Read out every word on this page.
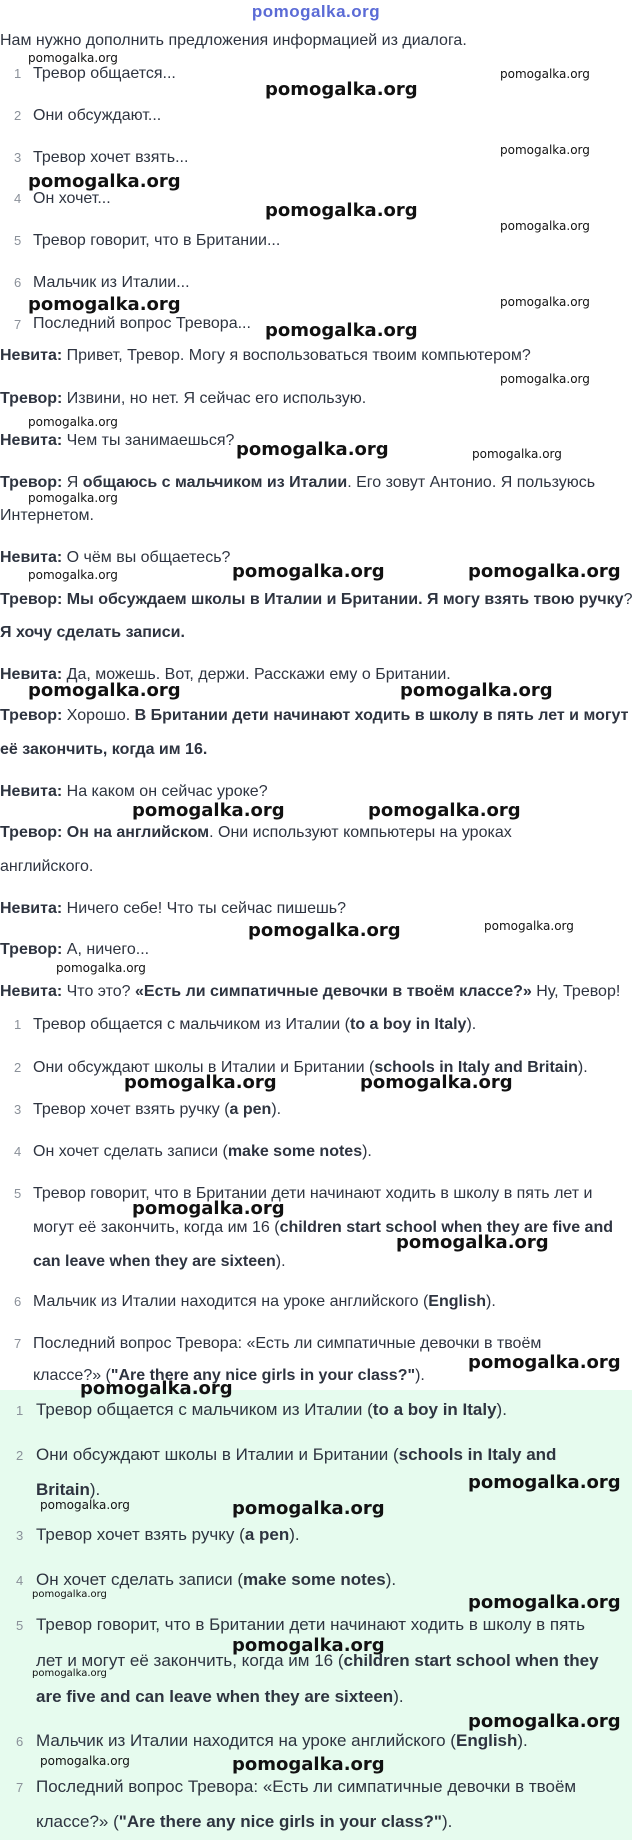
pomogalka.org
Нам нужно дополнить предложения информацией из диалога.
1 Тревор общается...
2 Они обсуждают...
3 Тревор хочет взять...
4 Он хочет...
5 Тревор говорит, что в Британии...
6 Мальчик из Италии...
7 Последний вопрос Тревора...
Невита: Привет, Тревор. Могу я воспользоваться твоим компьютером?
Тревор: Извини, но нет. Я сейчас его использую.
Невита: Чем ты занимаешься?
Тревор: Я общаюсь с мальчиком из Италии. Его зовут Антонио. Я пользуюсь
Интернетом.
Невита: О чём вы общаетесь?
Тревор: Мы обсуждаем школы в Италии и Британии. Я могу взять твою ручку?
Я хочу сделать записи.
Невита: Да, можешь. Вот, держи. Расскажи ему о Британии.
Тревор: Хорошо. В Британии дети начинают ходить в школу в пять лет и могут
её закончить, когда им 16.
Невита: На каком он сейчас уроке?
Тревор: Он на английском. Они используют компьютеры на уроках
английского.
Невита: Ничего себе! Что ты сейчас пишешь?
Тревор: А, ничего...
Невита: Что это? «Есть ли симпатичные девочки в твоём классе?» Ну, Тревор!
1 Тревор общается с мальчиком из Италии (to a boy in Italy).
2 Они обсуждают школы в Италии и Британии (schools in Italy and Britain).
3 Тревор хочет взять ручку (a pen).
4 Он хочет сделать записи (make some notes).
5 Тревор говорит, что в Британии дети начинают ходить в школу в пять лет и
могут её закончить, когда им 16 (children start school when they are five and
can leave when they are sixteen).
6 Мальчик из Италии находится на уроке английского (English).
7 Последний вопрос Тревора: «Есть ли симпатичные девочки в твоём
классе?» ("Are there any nice girls in your class?").
1 Тревор общается с мальчиком из Италии (to a boy in Italy).
2 Они обсуждают школы в Италии и Британии (schools in Italy and
Britain).
3 Тревор хочет взять ручку (a pen).
4 Он хочет сделать записи (make some notes).
5 Тревор говорит, что в Британии дети начинают ходить в школу в пять
лет и могут её закончить, когда им 16 (children start school when they
are five and can leave when they are sixteen).
6 Мальчик из Италии находится на уроке английского (English).
7 Последний вопрос Тревора: «Есть ли симпатичные девочки в твоём
классе?» ("Are there any nice girls in your class?").
pomogalka.org
pomogalka.org
pomogalka.org
pomogalka.org
pomogalka.org
pomogalka.org
pomogalka.org
pomogalka.org
pomogalka.org
pomogalka.org
pomogalka.org
pomogalka.org
pomogalka.org	pomogalka.org
pomogalka.org
pomogalka.org	pomogalka.org	pomogalka.org
pomogalka.org	pomogalka.org
pomogalka.org	pomogalka.org
pomogalka.org	pomogalka.org
pomogalka.org
pomogalka.org	pomogalka.org
pomogalka.org
pomogalka.org
pomogalka.org
pomogalka.org
pomogalka.org
pomogalka.org	pomogalka.org
pomogalka.org	pomogalka.org
pomogalka.org
pomogalka.org
pomogalka.org
pomogalka.org	pomogalka.org
